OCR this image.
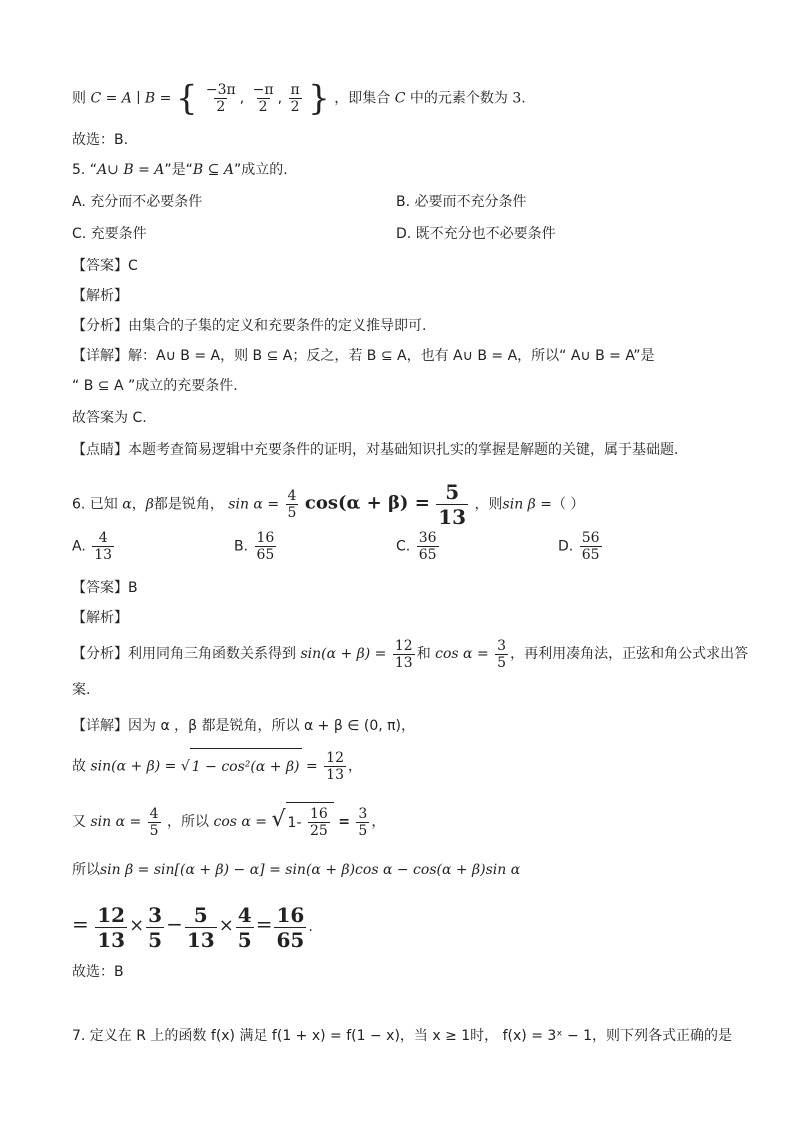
则 C = A ∣ B = { $\frac{-3\pi}{2}$ , $\frac{-\pi}{2}$ , $\frac{\pi}{2}$ } ，即集合 C 中的元素个数为 3.
故选：B.
5. “A∪ B = A”是“B ⊆ A”成立的.
A. 充分而不必要条件	B. 必要而不充分条件
C. 充要条件	D. 既不充分也不必要条件
【答案】C
【解析】
【分析】由集合的子集的定义和充要条件的定义推导即可.
【详解】解：A∪ B = A，则 B ⊆ A；反之，若 B ⊆ A，也有 A∪ B = A，所以“ A∪ B = A”是
“ B ⊆ A ”成立的充要条件.
故答案为 C.
【点睛】本题考查简易逻辑中充要条件的证明，对基础知识扎实的掌握是解题的关键，属于基础题.
6. 已知 α，β都是锐角， $\sin \alpha = \frac{4}{5} \cos(\alpha + \beta) = \frac{5}{13}$ ，则sin β =（ ）
A. $\frac{4}{13}$	B. $\frac{16}{65}$	C. $\frac{36}{65}$	D. $\frac{56}{65}$
【答案】B
【解析】
【分析】利用同角三角函数关系得到 $\sin(\alpha + \beta) = \frac{12}{13}$ 和 $\cos \alpha = \frac{3}{5}$ ，再利用凑角法，正弦和角公式求出答
案.
【详解】因为 α ，β 都是锐角，所以 α + β ∈ (0, π)，
故 sin(α + β) = √ $1 - \cos^2(\alpha + \beta) = \frac{12}{13}$ ，
又 $\sin \alpha = \frac{4}{5}$ ，所以 cos α = √ $1- \frac{16}{25} = \frac{3}{5}$ ，
所以sin β = sin[(α + β) − α] = sin(α + β)cos α − cos(α + β)sin α
= $\frac{12}{13} \times \frac{3}{5} - \frac{5}{13} \times \frac{4}{5} = \frac{16}{65}$ .
故选：B
7. 定义在 R 上的函数 f(x) 满足 f(1 + x) = f(1 − x)，当 x ≥ 1时， f(x) = 3ˣ − 1，则下列各式正确的是
